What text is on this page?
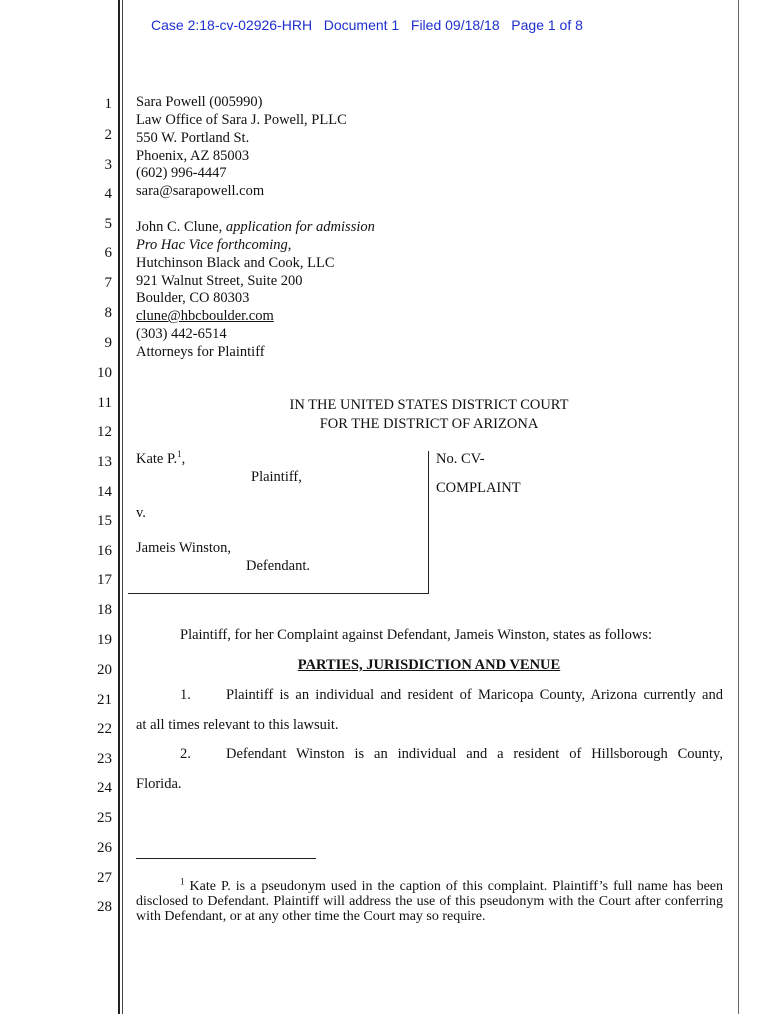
Case 2:18-cv-02926-HRH   Document 1   Filed 09/18/18   Page 1 of 8
1
2
3
4
5
6
7
8
9
10
11
12
13
14
15
16
17
18
19
20
21
22
23
24
25
26
27
28
Sara Powell (005990)
Law Office of Sara J. Powell, PLLC
550 W. Portland St.
Phoenix, AZ 85003
(602) 996-4447
sara@sarapowell.com
John C. Clune, application for admission
Pro Hac Vice forthcoming,
Hutchinson Black and Cook, LLC
921 Walnut Street, Suite 200
Boulder, CO 80303
clune@hbcboulder.com
(303) 442-6514
Attorneys for Plaintiff
IN THE UNITED STATES DISTRICT COURT
FOR THE DISTRICT OF ARIZONA
Kate P.$^1$,
Plaintiff,
v.
Jameis Winston,
Defendant.
No. CV-
COMPLAINT
Plaintiff, for her Complaint against Defendant, Jameis Winston, states as follows:
PARTIES, JURISDICTION AND VENUE
1. Plaintiff is an individual and resident of Maricopa County, Arizona currently and
at all times relevant to this lawsuit.
2. Defendant Winston is an individual and a resident of Hillsborough County,
Florida.
$^1$ Kate P. is a pseudonym used in the caption of this complaint. Plaintiff’s full name has been disclosed to Defendant. Plaintiff will address the use of this pseudonym with the Court after conferring with Defendant, or at any other time the Court may so require.
